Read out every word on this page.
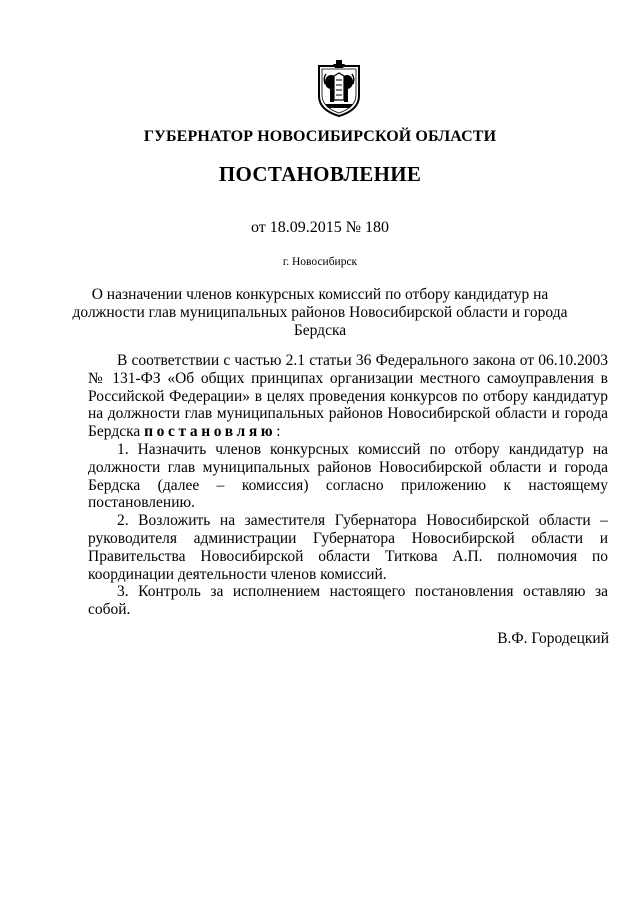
ГУБЕРНАТОР НОВОСИБИРСКОЙ ОБЛАСТИ
ПОСТАНОВЛЕНИЕ
от 18.09.2015 № 180
г. Новосибирск
О назначении членов конкурсных комиссий по отбору кандидатур на должности глав муниципальных районов Новосибирской области и города Бердска

В соответствии с частью 2.1 статьи 36 Федерального закона от 06.10.2003 № 131-ФЗ «Об общих принципах организации местного самоуправления в Российской Федерации» в целях проведения конкурсов по отбору кандидатур на должности глав муниципальных районов Новосибирской области и города Бердска постановляю:

1. Назначить членов конкурсных комиссий по отбору кандидатур на должности глав муниципальных районов Новосибирской области и города Бердска (далее – комиссия) согласно приложению к настоящему постановлению.

2. Возложить на заместителя Губернатора Новосибирской области – руководителя администрации Губернатора Новосибирской области и Правительства Новосибирской области Титкова А.П. полномочия по координации деятельности членов комиссий.

3. Контроль за исполнением настоящего постановления оставляю за собой.

В.Ф. Городецкий
